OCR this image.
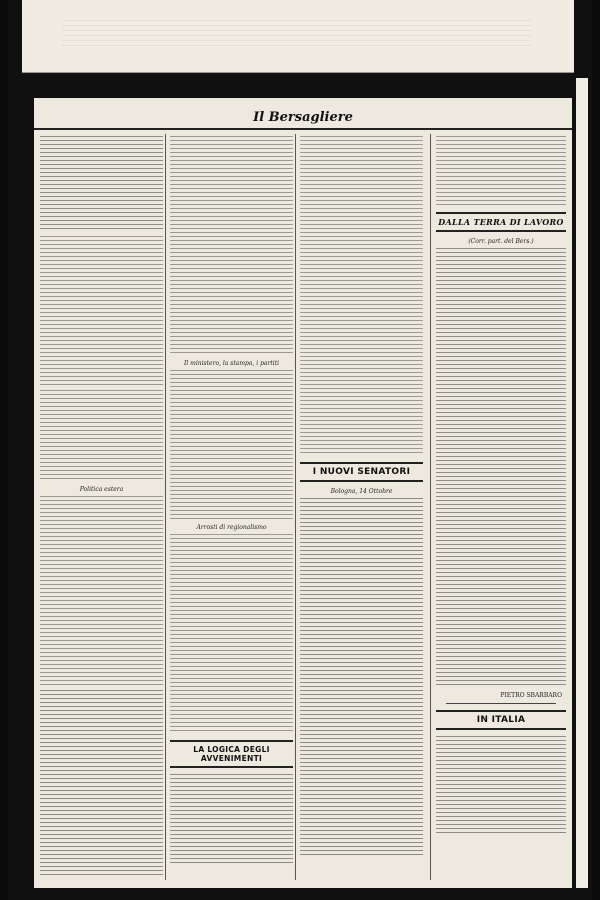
Il Bersagliere
Politica estera
Il ministero, la stampa, i partiti
Arrosti di regionalismo
LA LOGICA DEGLI AVVENIMENTI
I NUOVI SENATORI
Bologna, 14 Ottobre
DALLA TERRA DI LAVORO
(Corr. part. del Bers.)
PIETRO SBARBARO
IN ITALIA
